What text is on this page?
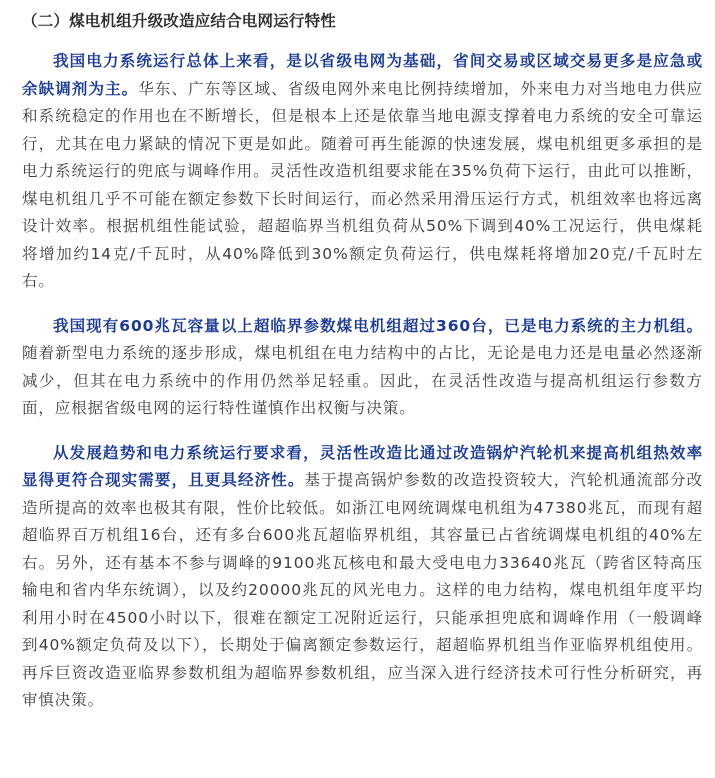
（二）煤电机组升级改造应结合电网运行特性

我国电力系统运行总体上来看，是以省级电网为基础，省间交易或区域交易更多是应急或余缺调剂为主。华东、广东等区域、省级电网外来电比例持续增加，外来电力对当地电力供应和系统稳定的作用也在不断增长，但是根本上还是依靠当地电源支撑着电力系统的安全可靠运行，尤其在电力紧缺的情况下更是如此。随着可再生能源的快速发展，煤电机组更多承担的是电力系统运行的兜底与调峰作用。灵活性改造机组要求能在35%负荷下运行，由此可以推断，煤电机组几乎不可能在额定参数下长时间运行，而必然采用滑压运行方式，机组效率也将远离设计效率。根据机组性能试验，超超临界当机组负荷从50%下调到40%工况运行，供电煤耗将增加约14克/千瓦时，从40%降低到30%额定负荷运行，供电煤耗将增加20克/千瓦时左右。

我国现有600兆瓦容量以上超临界参数煤电机组超过360台，已是电力系统的主力机组。随着新型电力系统的逐步形成，煤电机组在电力结构中的占比，无论是电力还是电量必然逐渐减少，但其在电力系统中的作用仍然举足轻重。因此，在灵活性改造与提高机组运行参数方面，应根据省级电网的运行特性谨慎作出权衡与决策。

从发展趋势和电力系统运行要求看，灵活性改造比通过改造锅炉汽轮机来提高机组热效率显得更符合现实需要，且更具经济性。基于提高锅炉参数的改造投资较大，汽轮机通流部分改造所提高的效率也极其有限，性价比较低。如浙江电网统调煤电机组为47380兆瓦，而现有超超临界百万机组16台，还有多台600兆瓦超临界机组，其容量已占省统调煤电机组的40%左右。另外，还有基本不参与调峰的9100兆瓦核电和最大受电电力33640兆瓦（跨省区特高压输电和省内华东统调），以及约20000兆瓦的风光电力。这样的电力结构，煤电机组年度平均利用小时在4500小时以下，很难在额定工况附近运行，只能承担兜底和调峰作用（一般调峰到40%额定负荷及以下），长期处于偏离额定参数运行，超超临界机组当作亚临界机组使用。再斥巨资改造亚临界参数机组为超临界参数机组，应当深入进行经济技术可行性分析研究，再审慎决策。
